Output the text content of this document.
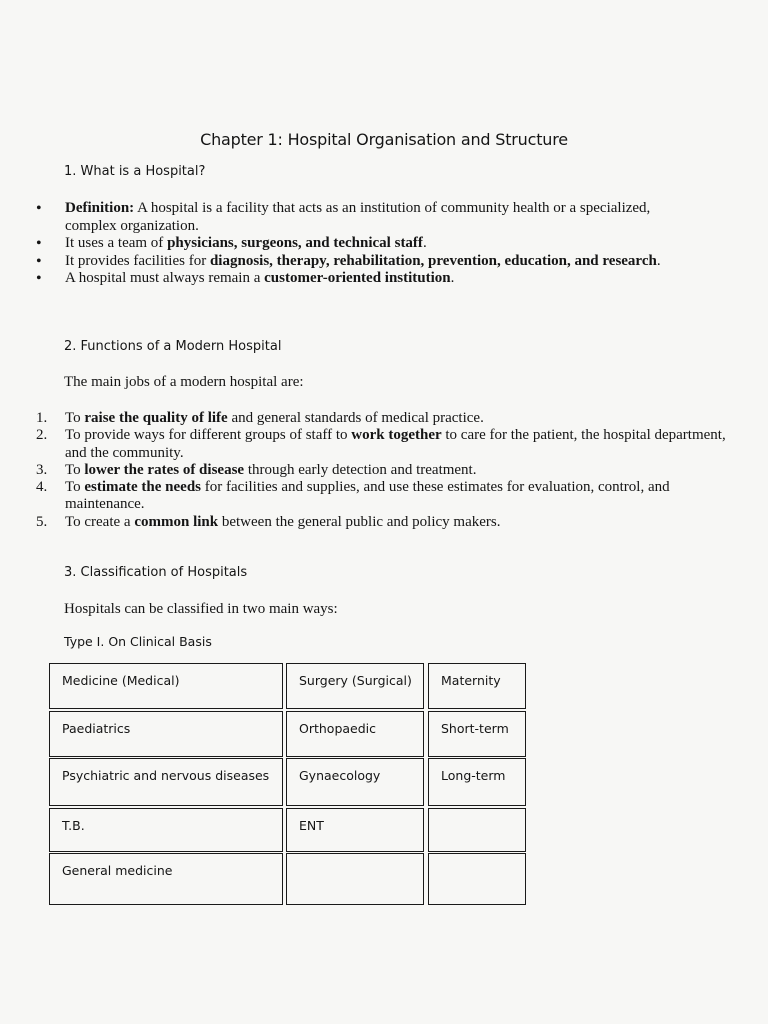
Chapter 1: Hospital Organisation and Structure
1. What is a Hospital?
• Definition: A hospital is a facility that acts as an institution of community health or a specialized, complex organization.
• It uses a team of physicians, surgeons, and technical staff.
• It provides facilities for diagnosis, therapy, rehabilitation, prevention, education, and research.
• A hospital must always remain a customer-oriented institution.
2. Functions of a Modern Hospital
The main jobs of a modern hospital are:
1.	To raise the quality of life and general standards of medical practice.
2.	To provide ways for different groups of staff to work together to care for the patient, the hospital department, and the community.
3.	To lower the rates of disease through early detection and treatment.
4.	To estimate the needs for facilities and supplies, and use these estimates for evaluation, control, and maintenance.
5.	To create a common link between the general public and policy makers.
3. Classification of Hospitals
Hospitals can be classified in two main ways:
Type I. On Clinical Basis
Medicine (Medical)	Surgery (Surgical)	Maternity
Paediatrics	Orthopaedic	Short-term
Psychiatric and nervous diseases	Gynaecology	Long-term
T.B.	ENT
General medicine
